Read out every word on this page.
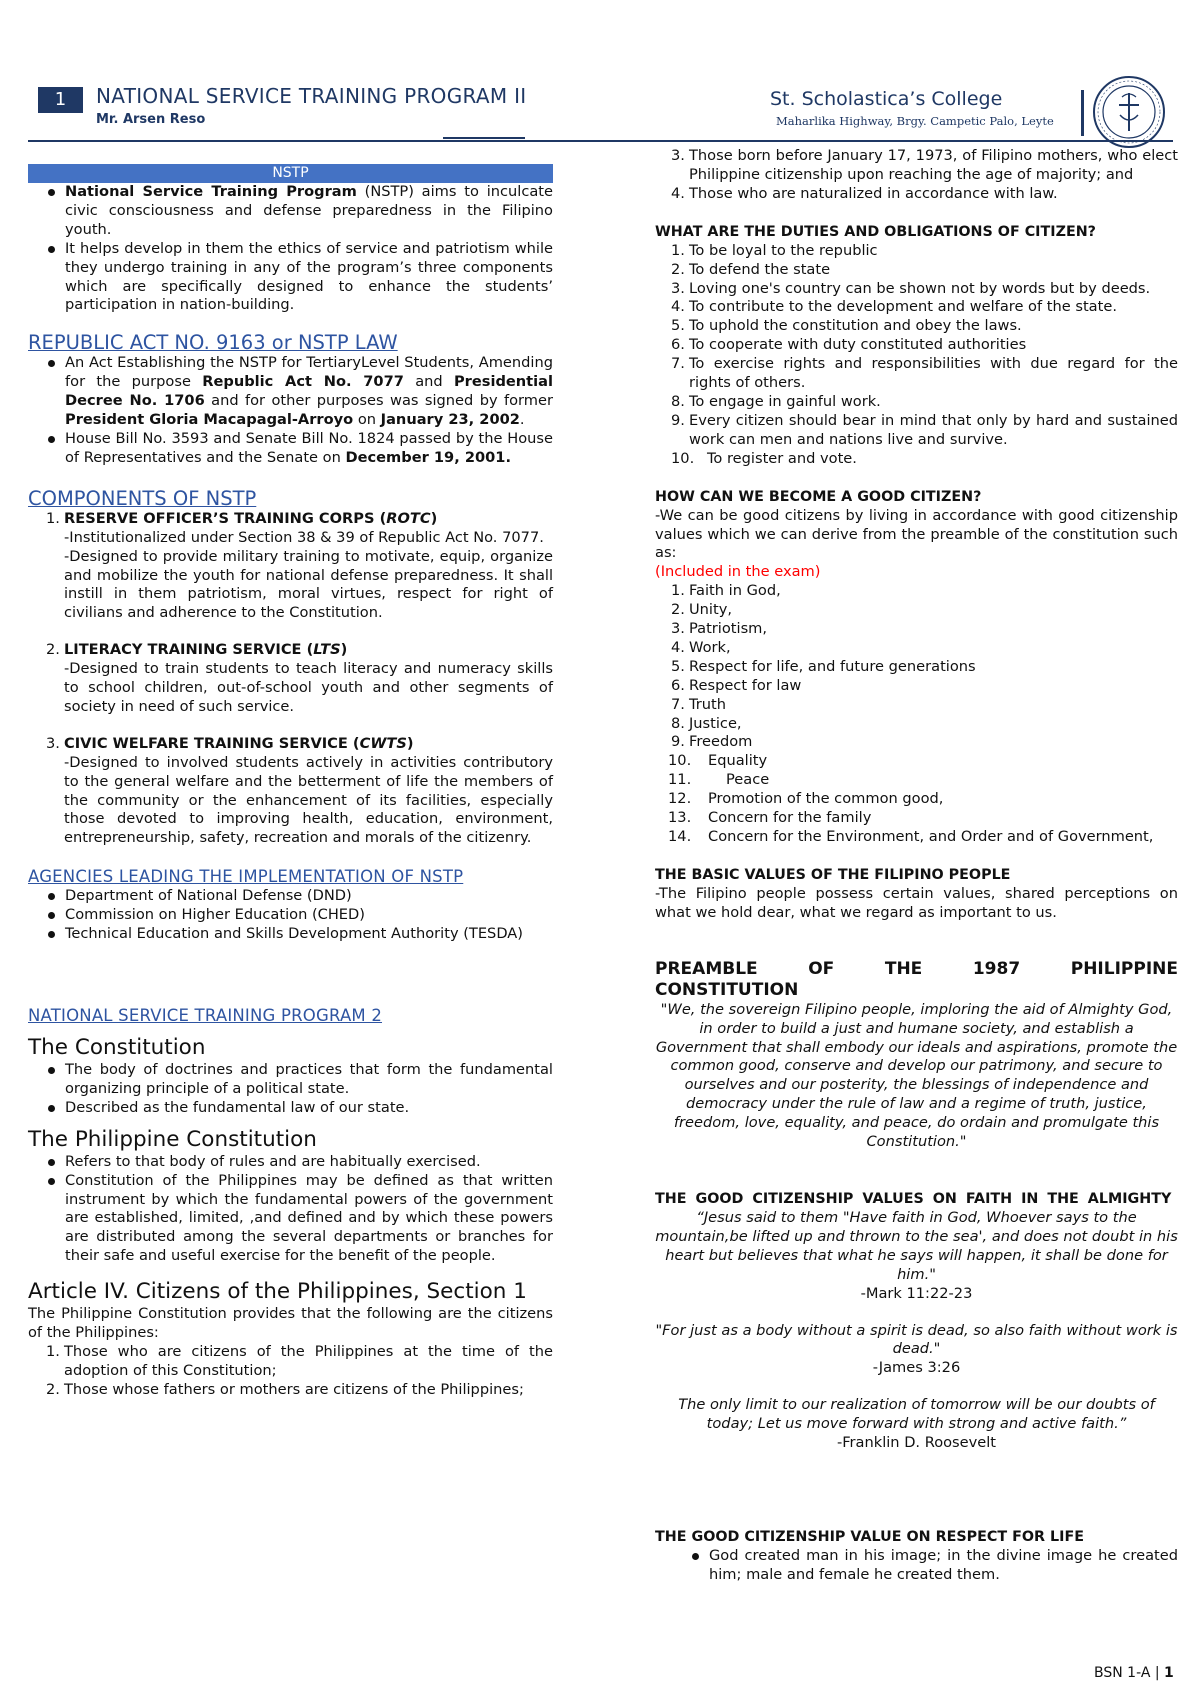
1	NATIONAL SERVICE TRAINING PROGRAM II
Mr. Arsen Reso
St. Scholastica’s College
Maharlika Highway, Brgy. Campetic Palo, Leyte
NSTP
National Service Training Program (NSTP) aims to inculcate civic consciousness and defense preparedness in the Filipino youth.
It helps develop in them the ethics of service and patriotism while they undergo training in any of the program’s three components which are specifically designed to enhance the students’ participation in nation-building.
REPUBLIC ACT NO. 9163 or NSTP LAW
An Act Establishing the NSTP for TertiaryLevel Students, Amending for the purpose Republic Act No. 7077 and Presidential Decree No. 1706 and for other purposes was signed by former President Gloria Macapagal-Arroyo on January 23, 2002.
House Bill No. 3593 and Senate Bill No. 1824 passed by the House of Representatives and the Senate on December 19, 2001.
COMPONENTS OF NSTP
1. RESERVE OFFICER’S TRAINING CORPS (ROTC)

-Institutionalized under Section 38 & 39 of Republic Act No. 7077.

-Designed to provide military training to motivate, equip, organize and mobilize the youth for national defense preparedness. It shall instill in them patriotism, moral virtues, respect for right of civilians and adherence to the Constitution.

2. LITERACY TRAINING SERVICE (LTS)

-Designed to train students to teach literacy and numeracy skills to school children, out-of-school youth and other segments of society in need of such service.

3. CIVIC WELFARE TRAINING SERVICE (CWTS)

-Designed to involved students actively in activities contributory to the general welfare and the betterment of life the members of the community or the enhancement of its facilities, especially those devoted to improving health, education, environment, entrepreneurship, safety, recreation and morals of the citizenry.

AGENCIES LEADING THE IMPLEMENTATION OF NSTP
Department of National Defense (DND)
Commission on Higher Education (CHED)
Technical Education and Skills Development Authority (TESDA)
NATIONAL SERVICE TRAINING PROGRAM 2
The Constitution
The body of doctrines and practices that form the fundamental organizing principle of a political state.
Described as the fundamental law of our state.
The Philippine Constitution
Refers to that body of rules and are habitually exercised.
Constitution of the Philippines may be defined as that written instrument by which the fundamental powers of the government are established, limited, ,and defined and by which these powers are distributed among the several departments or branches for their safe and useful exercise for the benefit of the people.
Article IV. Citizens of the Philippines, Section 1

The Philippine Constitution provides that the following are the citizens of the Philippines:

1. Those who are citizens of the Philippines at the time of the adoption of this Constitution;
2. Those whose fathers or mothers are citizens of the Philippines;
3. Those born before January 17, 1973, of Filipino mothers, who elect Philippine citizenship upon reaching the age of majority; and
4. Those who are naturalized in accordance with law.
WHAT ARE THE DUTIES AND OBLIGATIONS OF CITIZEN?
1. To be loyal to the republic
2. To defend the state
3. Loving one's country can be shown not by words but by deeds.
4. To contribute to the development and welfare of the state.
5. To uphold the constitution and obey the laws.
6. To cooperate with duty constituted authorities
7. To exercise rights and responsibilities with due regard for the rights of others.
8. To engage in gainful work.
9. Every citizen should bear in mind that only by hard and sustained work can men and nations live and survive.
10. To register and vote.
HOW CAN WE BECOME A GOOD CITIZEN?

-We can be good citizens by living in accordance with good citizenship values which we can derive from the preamble of the constitution such as:

(Included in the exam)

1. Faith in God,
2. Unity,
3. Patriotism,
4. Work,
5. Respect for life, and future generations
6. Respect for law
7. Truth
8. Justice,
9. Freedom
10. Equality
11. Peace
12. Promotion of the common good,
13. Concern for the family
14. Concern for the Environment, and Order and of Government,
THE BASIC VALUES OF THE FILIPINO PEOPLE

-The Filipino people possess certain values, shared perceptions on what we hold dear, what we regard as important to us.

PREAMBLE OF THE 1987 PHILIPPINE CONSTITUTION

"We, the sovereign Filipino people, imploring the aid of Almighty God, in order to build a just and humane society, and establish a Government that shall embody our ideals and aspirations, promote the common good, conserve and develop our patrimony, and secure to ourselves and our posterity, the blessings of independence and democracy under the rule of law and a regime of truth, justice, freedom, love, equality, and peace, do ordain and promulgate this Constitution."

THE GOOD CITIZENSHIP VALUES ON FAITH IN THE ALMIGHTY

“Jesus said to them "Have faith in God, Whoever says to the mountain,be lifted up and thrown to the sea', and does not doubt in his heart but believes that what he says will happen, it shall be done for him."

-Mark 11:22-23

"For just as a body without a spirit is dead, so also faith without work is dead."

-James 3:26

The only limit to our realization of tomorrow will be our doubts of today; Let us move forward with strong and active faith.”

-Franklin D. Roosevelt

THE GOOD CITIZENSHIP VALUE ON RESPECT FOR LIFE
God created man in his image; in the divine image he created him; male and female he created them.
BSN 1-A | 1
